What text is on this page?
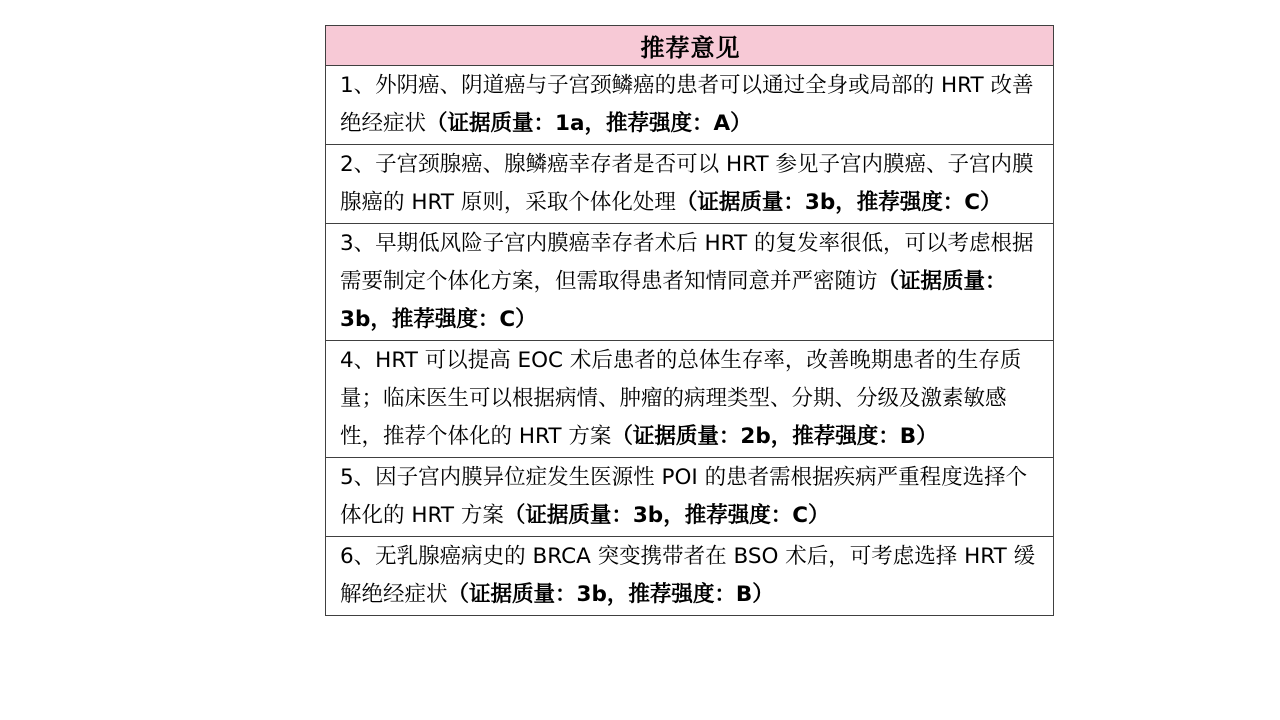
推荐意见
1、外阴癌、阴道癌与子宫颈鳞癌的患者可以通过全身或局部的 HRT 改善绝经症状（证据质量：1a，推荐强度：A）
2、子宫颈腺癌、腺鳞癌幸存者是否可以 HRT 参见子宫内膜癌、子宫内膜腺癌的 HRT 原则，采取个体化处理（证据质量：3b，推荐强度：C）
3、早期低风险子宫内膜癌幸存者术后 HRT 的复发率很低，可以考虑根据需要制定个体化方案，但需取得患者知情同意并严密随访（证据质量：3b，推荐强度：C）
4、HRT 可以提高 EOC 术后患者的总体生存率，改善晚期患者的生存质量；临床医生可以根据病情、肿瘤的病理类型、分期、分级及激素敏感性，推荐个体化的 HRT 方案（证据质量：2b，推荐强度：B）
5、因子宫内膜异位症发生医源性 POI 的患者需根据疾病严重程度选择个体化的 HRT 方案（证据质量：3b，推荐强度：C）
6、无乳腺癌病史的 BRCA 突变携带者在 BSO 术后，可考虑选择 HRT 缓解绝经症状（证据质量：3b，推荐强度：B）
